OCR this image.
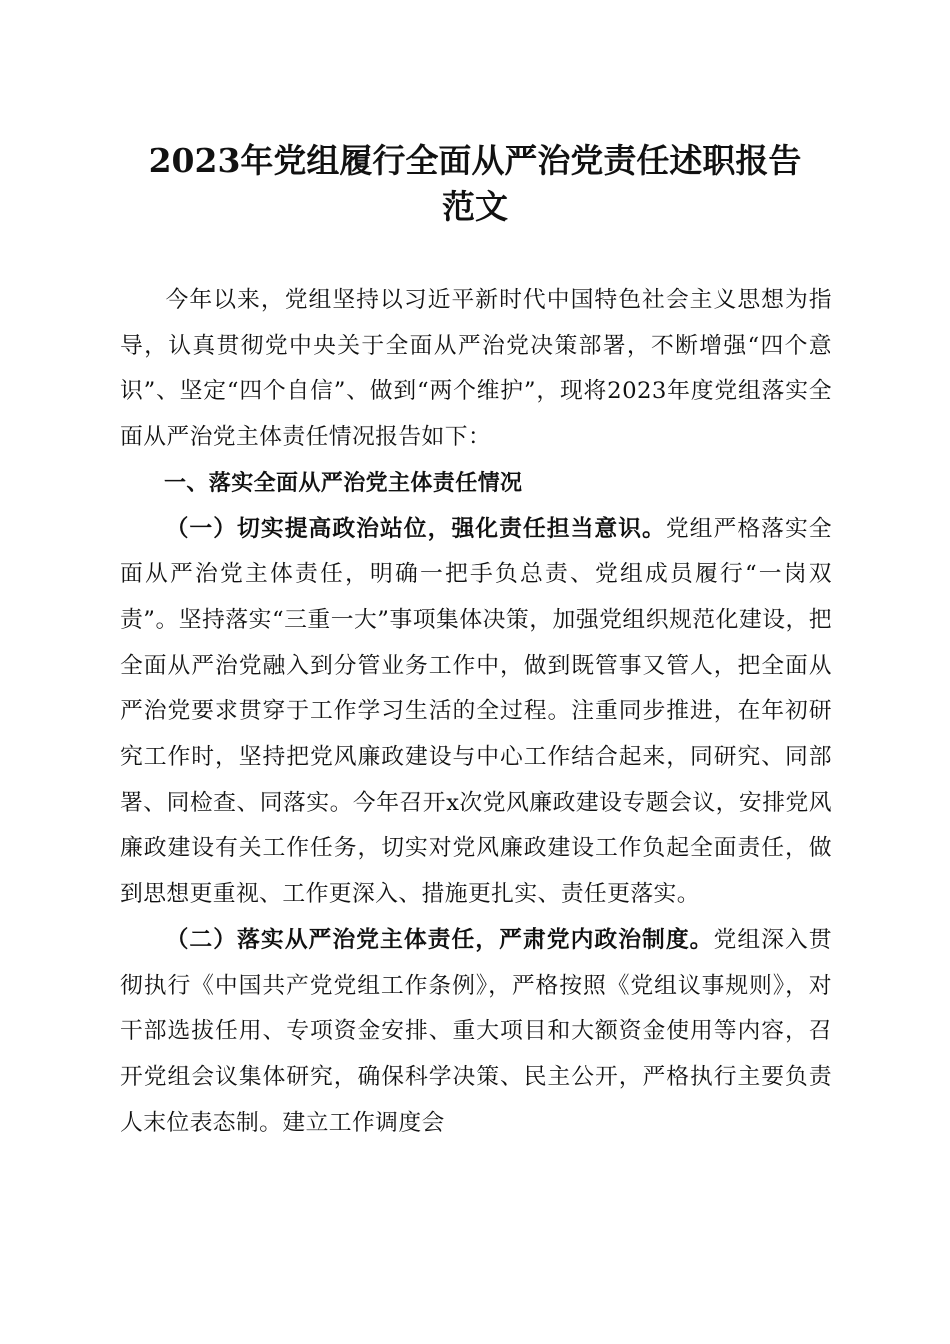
2023年党组履行全面从严治党责任述职报告
范文

今年以来，党组坚持以习近平新时代中国特色社会主义思想为指导，认真贯彻党中央关于全面从严治党决策部署，不断增强“四个意识”、坚定“四个自信”、做到“两个维护”，现将2023年度党组落实全面从严治党主体责任情况报告如下：

一、落实全面从严治党主体责任情况

（一）切实提高政治站位，强化责任担当意识。党组严格落实全面从严治党主体责任，明确一把手负总责、党组成员履行“一岗双责”。坚持落实“三重一大”事项集体决策，加强党组织规范化建设，把全面从严治党融入到分管业务工作中，做到既管事又管人，把全面从严治党要求贯穿于工作学习生活的全过程。注重同步推进，在年初研究工作时，坚持把党风廉政建设与中心工作结合起来，同研究、同部署、同检查、同落实。今年召开x次党风廉政建设专题会议，安排党风廉政建设有关工作任务，切实对党风廉政建设工作负起全面责任，做到思想更重视、工作更深入、措施更扎实、责任更落实。

（二）落实从严治党主体责任，严肃党内政治制度。党组深入贯彻执行《中国共产党党组工作条例》，严格按照《党组议事规则》，对干部选拔任用、专项资金安排、重大项目和大额资金使用等内容，召开党组会议集体研究，确保科学决策、民主公开，严格执行主要负责人末位表态制。建立工作调度会
